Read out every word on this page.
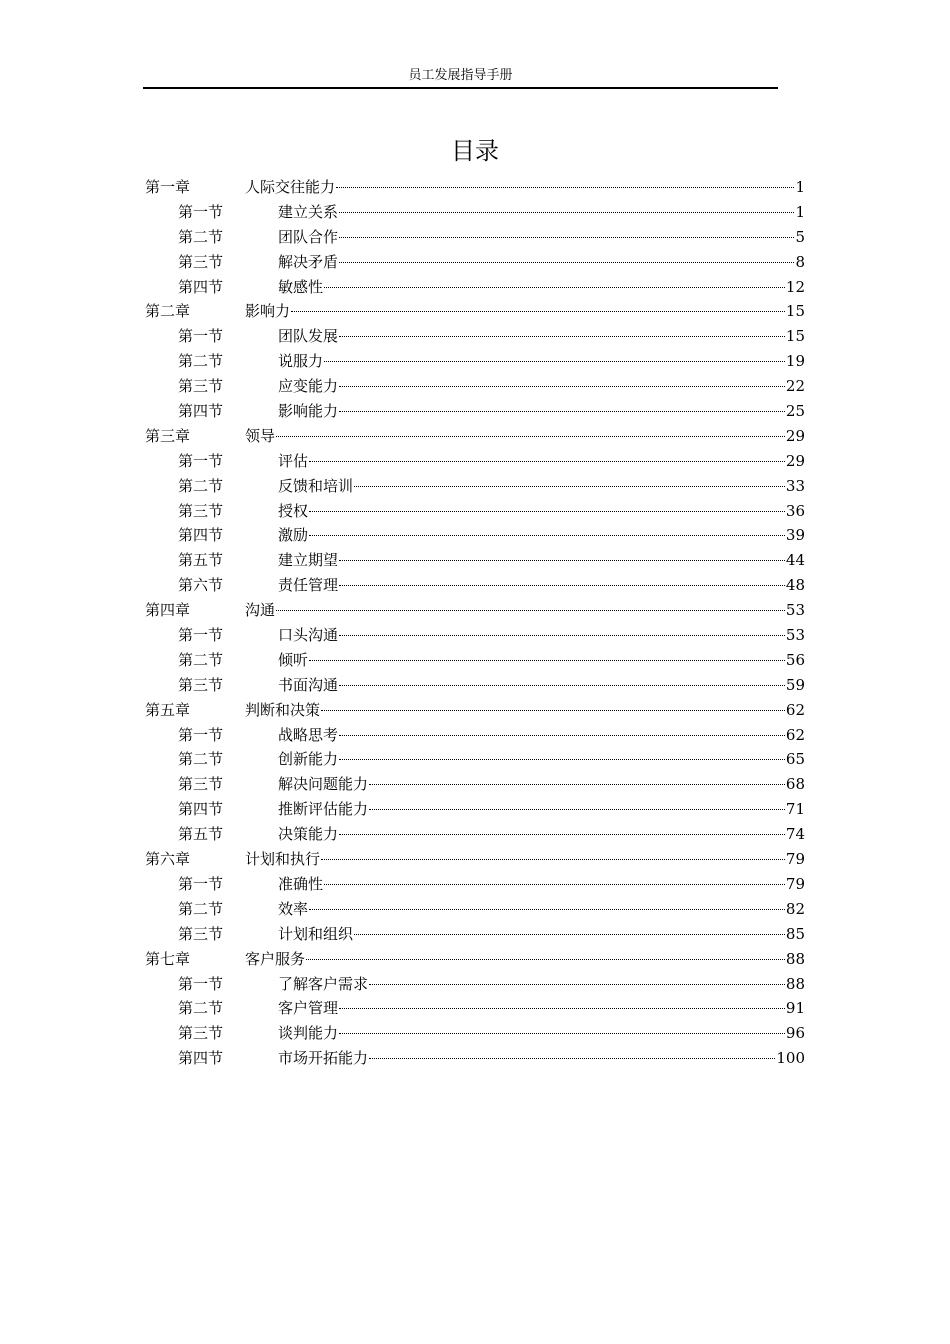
员工发展指导手册
目录
第一章	人际交往能力	1
第一节	建立关系	1
第二节	团队合作	5
第三节	解决矛盾	8
第四节	敏感性	12
第二章	影响力	15
第一节	团队发展	15
第二节	说服力	19
第三节	应变能力	22
第四节	影响能力	25
第三章	领导	29
第一节	评估	29
第二节	反馈和培训	33
第三节	授权	36
第四节	激励	39
第五节	建立期望	44
第六节	责任管理	48
第四章	沟通	53
第一节	口头沟通	53
第二节	倾听	56
第三节	书面沟通	59
第五章	判断和决策	62
第一节	战略思考	62
第二节	创新能力	65
第三节	解决问题能力	68
第四节	推断评估能力	71
第五节	决策能力	74
第六章	计划和执行	79
第一节	准确性	79
第二节	效率	82
第三节	计划和组织	85
第七章	客户服务	88
第一节	了解客户需求	88
第二节	客户管理	91
第三节	谈判能力	96
第四节	市场开拓能力	100
